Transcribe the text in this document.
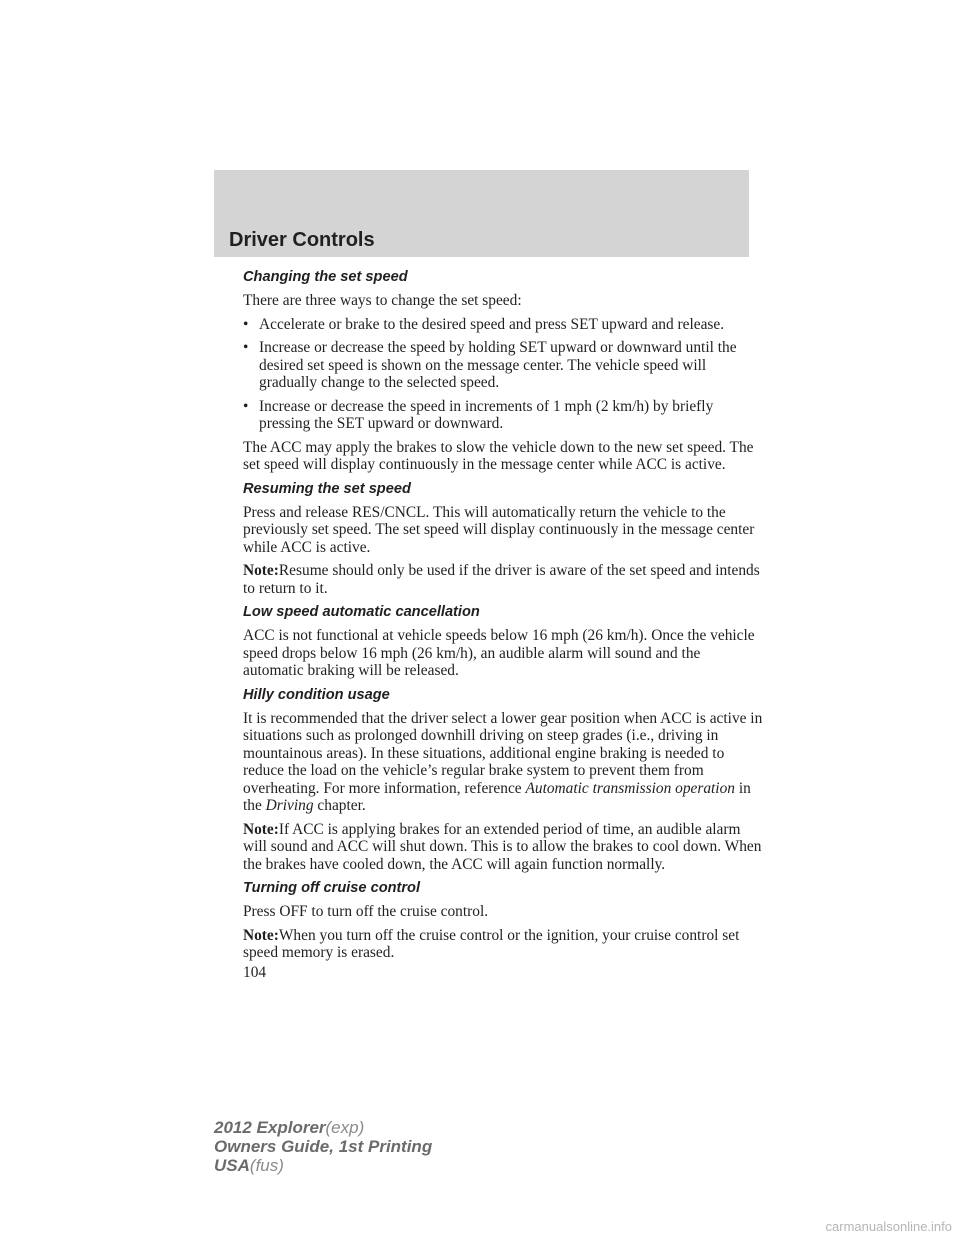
Driver Controls
Changing the set speed

There are three ways to change the set speed:

• Accelerate or brake to the desired speed and press SET upward and release.
• Increase or decrease the speed by holding SET upward or downward until the desired set speed is shown on the message center. The vehicle speed will gradually change to the selected speed.
• Increase or decrease the speed in increments of 1 mph (2 km/h) by briefly pressing the SET upward or downward.

The ACC may apply the brakes to slow the vehicle down to the new set speed. The set speed will display continuously in the message center while ACC is active.

Resuming the set speed

Press and release RES/CNCL. This will automatically return the vehicle to the previously set speed. The set speed will display continuously in the message center while ACC is active.

Note:Resume should only be used if the driver is aware of the set speed and intends to return to it.

Low speed automatic cancellation

ACC is not functional at vehicle speeds below 16 mph (26 km/h). Once the vehicle speed drops below 16 mph (26 km/h), an audible alarm will sound and the automatic braking will be released.

Hilly condition usage

It is recommended that the driver select a lower gear position when ACC is active in situations such as prolonged downhill driving on steep grades (i.e., driving in mountainous areas). In these situations, additional engine braking is needed to reduce the load on the vehicle’s regular brake system to prevent them from overheating. For more information, reference Automatic transmission operation in the Driving chapter.

Note:If ACC is applying brakes for an extended period of time, an audible alarm will sound and ACC will shut down. This is to allow the brakes to cool down. When the brakes have cooled down, the ACC will again function normally.

Turning off cruise control

Press OFF to turn off the cruise control.

Note:When you turn off the cruise control or the ignition, your cruise control set speed memory is erased.

104
2012 Explorer(exp)
Owners Guide, 1st Printing
USA(fus)
carmanualsonline.info
